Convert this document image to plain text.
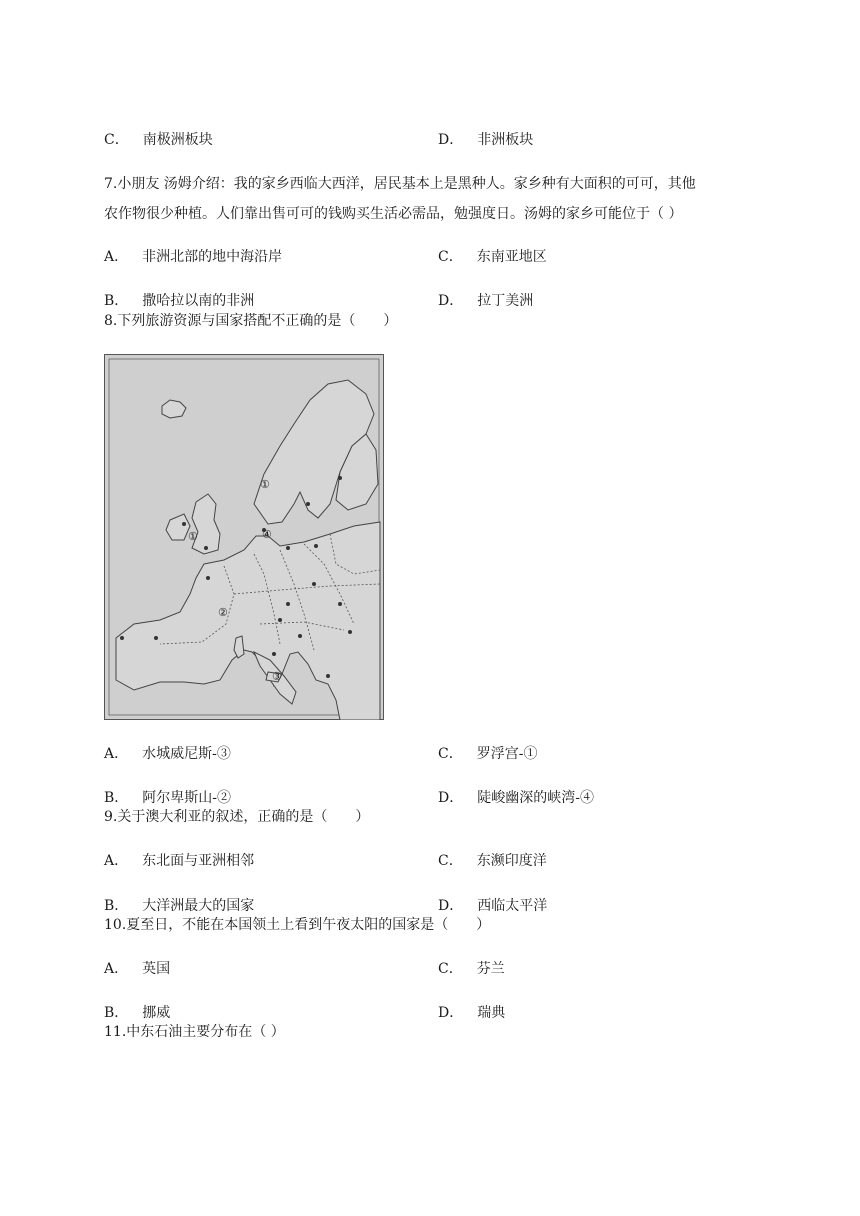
C． 南极洲板块	D． 非洲板块
7.小朋友 汤姆介绍：我的家乡西临大西洋，居民基本上是黑种人。家乡种有大面积的可可，其他
农作物很少种植。人们靠出售可可的钱购买生活必需品，勉强度日。汤姆的家乡可能位于（ ）
A． 非洲北部的地中海沿岸	C． 东南亚地区
B． 撒哈拉以南的非洲	D． 拉丁美洲
8.下列旅游资源与国家搭配不正确的是（　　）
①
①
②
③
④
A． 水城威尼斯-③	C． 罗浮宫-①
B． 阿尔卑斯山-②	D． 陡峻幽深的峡湾-④
9.关于澳大利亚的叙述，正确的是（　　）
A． 东北面与亚洲相邻	C． 东濒印度洋
B． 大洋洲最大的国家	D． 西临太平洋
10.夏至日，不能在本国领土上看到午夜太阳的国家是（　　）
A． 英国	C． 芬兰
B． 挪威	D． 瑞典
11.中东石油主要分布在（ ）
